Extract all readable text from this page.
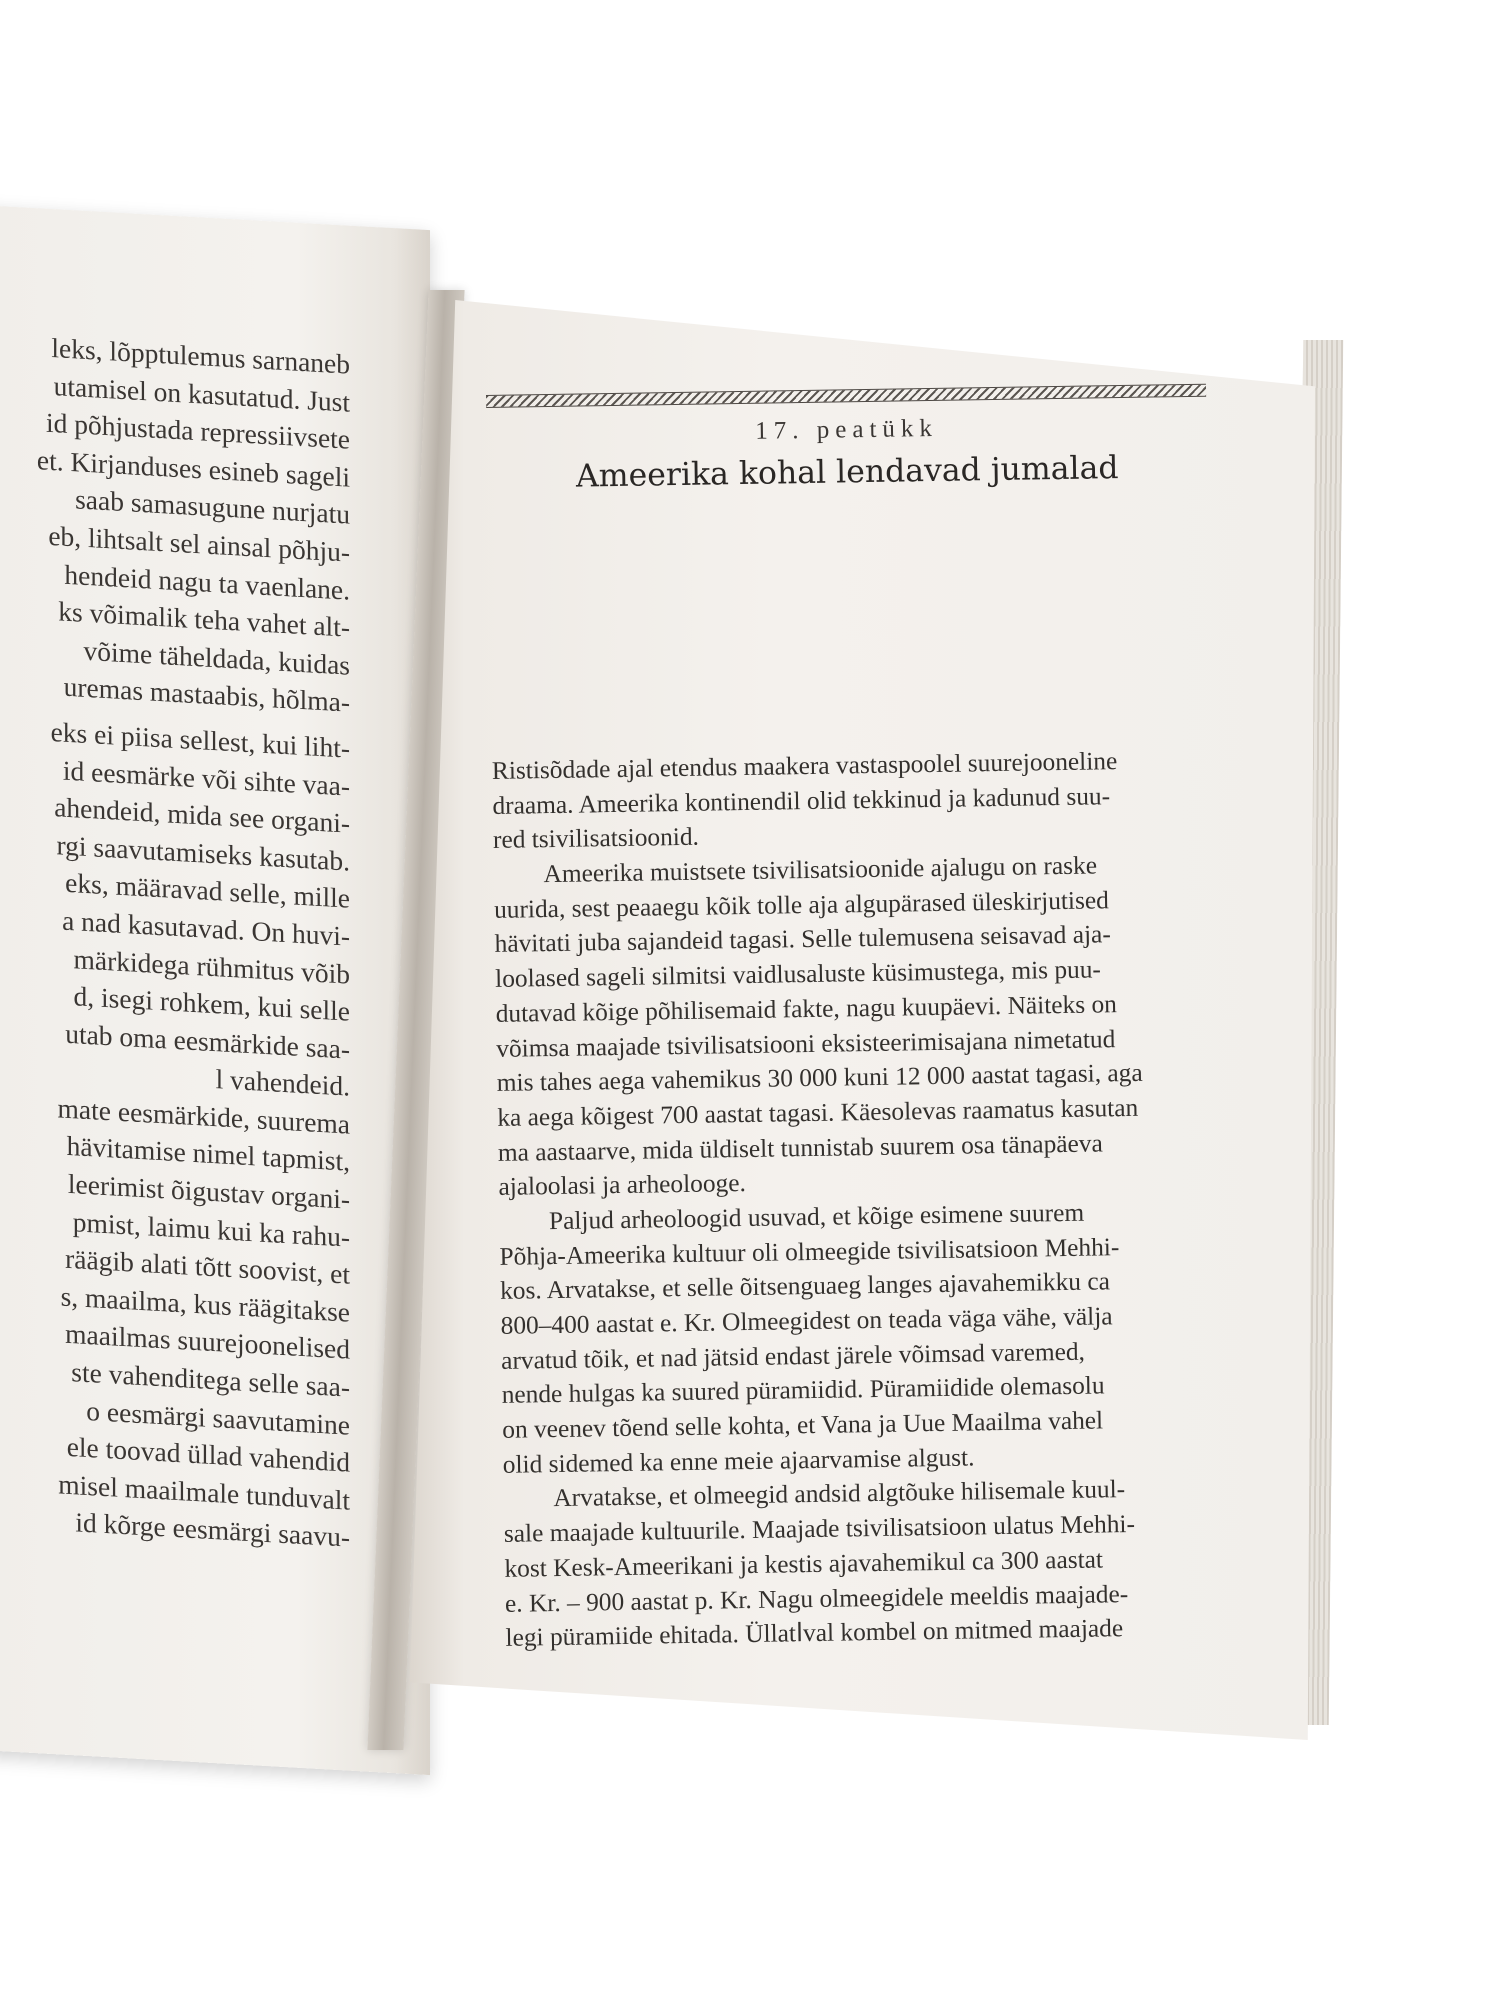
leks, lõpptulemus sarnaneb
utamisel on kasutatud. Just
id põhjustada repressiivsete
et. Kirjanduses esineb sageli
saab samasugune nurjatu
eb, lihtsalt sel ainsal põhju-
hendeid nagu ta vaenlane.
ks võimalik teha vahet alt-
võime täheldada, kuidas
uremas mastaabis, hõlma-
eks ei piisa sellest, kui liht-
id eesmärke või sihte vaa-
ahendeid, mida see organi-
rgi saavutamiseks kasutab.
eks, määravad selle, mille
a nad kasutavad. On huvi-
märkidega rühmitus võib
d, isegi rohkem, kui selle
utab oma eesmärkide saa-
l vahendeid.
mate eesmärkide, suurema
hävitamise nimel tapmist,
leerimist õigustav organi-
pmist, laimu kui ka rahu-
räägib alati tõtt soovist, et
s, maailma, kus räägitakse
maailmas suurejoonelised
ste vahenditega selle saa-
o eesmärgi saavutamine
ele toovad üllad vahendid
misel maailmale tunduvalt
id kõrge eesmärgi saavu-
17. peatükk
Ameerika kohal lendavad jumalad
Ristisõdade ajal etendus maakera vastaspoolel suurejooneline
draama. Ameerika kontinendil olid tekkinud ja kadunud suu-
red tsivilisatsioonid.
Ameerika muistsete tsivilisatsioonide ajalugu on raske
uurida, sest peaaegu kõik tolle aja algupärased üleskirjutised
hävitati juba sajandeid tagasi. Selle tulemusena seisavad aja-
loolased sageli silmitsi vaidlusaluste küsimustega, mis puu-
dutavad kõige põhilisemaid fakte, nagu kuupäevi. Näiteks on
võimsa maajade tsivilisatsiooni eksisteerimisajana nimetatud
mis tahes aega vahemikus 30 000 kuni 12 000 aastat tagasi, aga
ka aega kõigest 700 aastat tagasi. Käesolevas raamatus kasutan
ma aastaarve, mida üldiselt tunnistab suurem osa tänapäeva
ajaloolasi ja arheolooge.
Paljud arheoloogid usuvad, et kõige esimene suurem
Põhja-Ameerika kultuur oli olmeegide tsivilisatsioon Mehhi-
kos. Arvatakse, et selle õitsenguaeg langes ajavahemikku ca
800–400 aastat e. Kr. Olmeegidest on teada väga vähe, välja
arvatud tõik, et nad jätsid endast järele võimsad varemed,
nende hulgas ka suured püramiidid. Püramiidide olemasolu
on veenev tõend selle kohta, et Vana ja Uue Maailma vahel
olid sidemed ka enne meie ajaarvamise algust.
Arvatakse, et olmeegid andsid algtõuke hilisemale kuul-
sale maajade kultuurile. Maajade tsivilisatsioon ulatus Mehhi-
kost Kesk-Ameerikani ja kestis ajavahemikul ca 300 aastat
e. Kr. – 900 aastat p. Kr. Nagu olmeegidele meeldis maajade-
legi püramiide ehitada. Üllatاval kombel on mitmed maajade
